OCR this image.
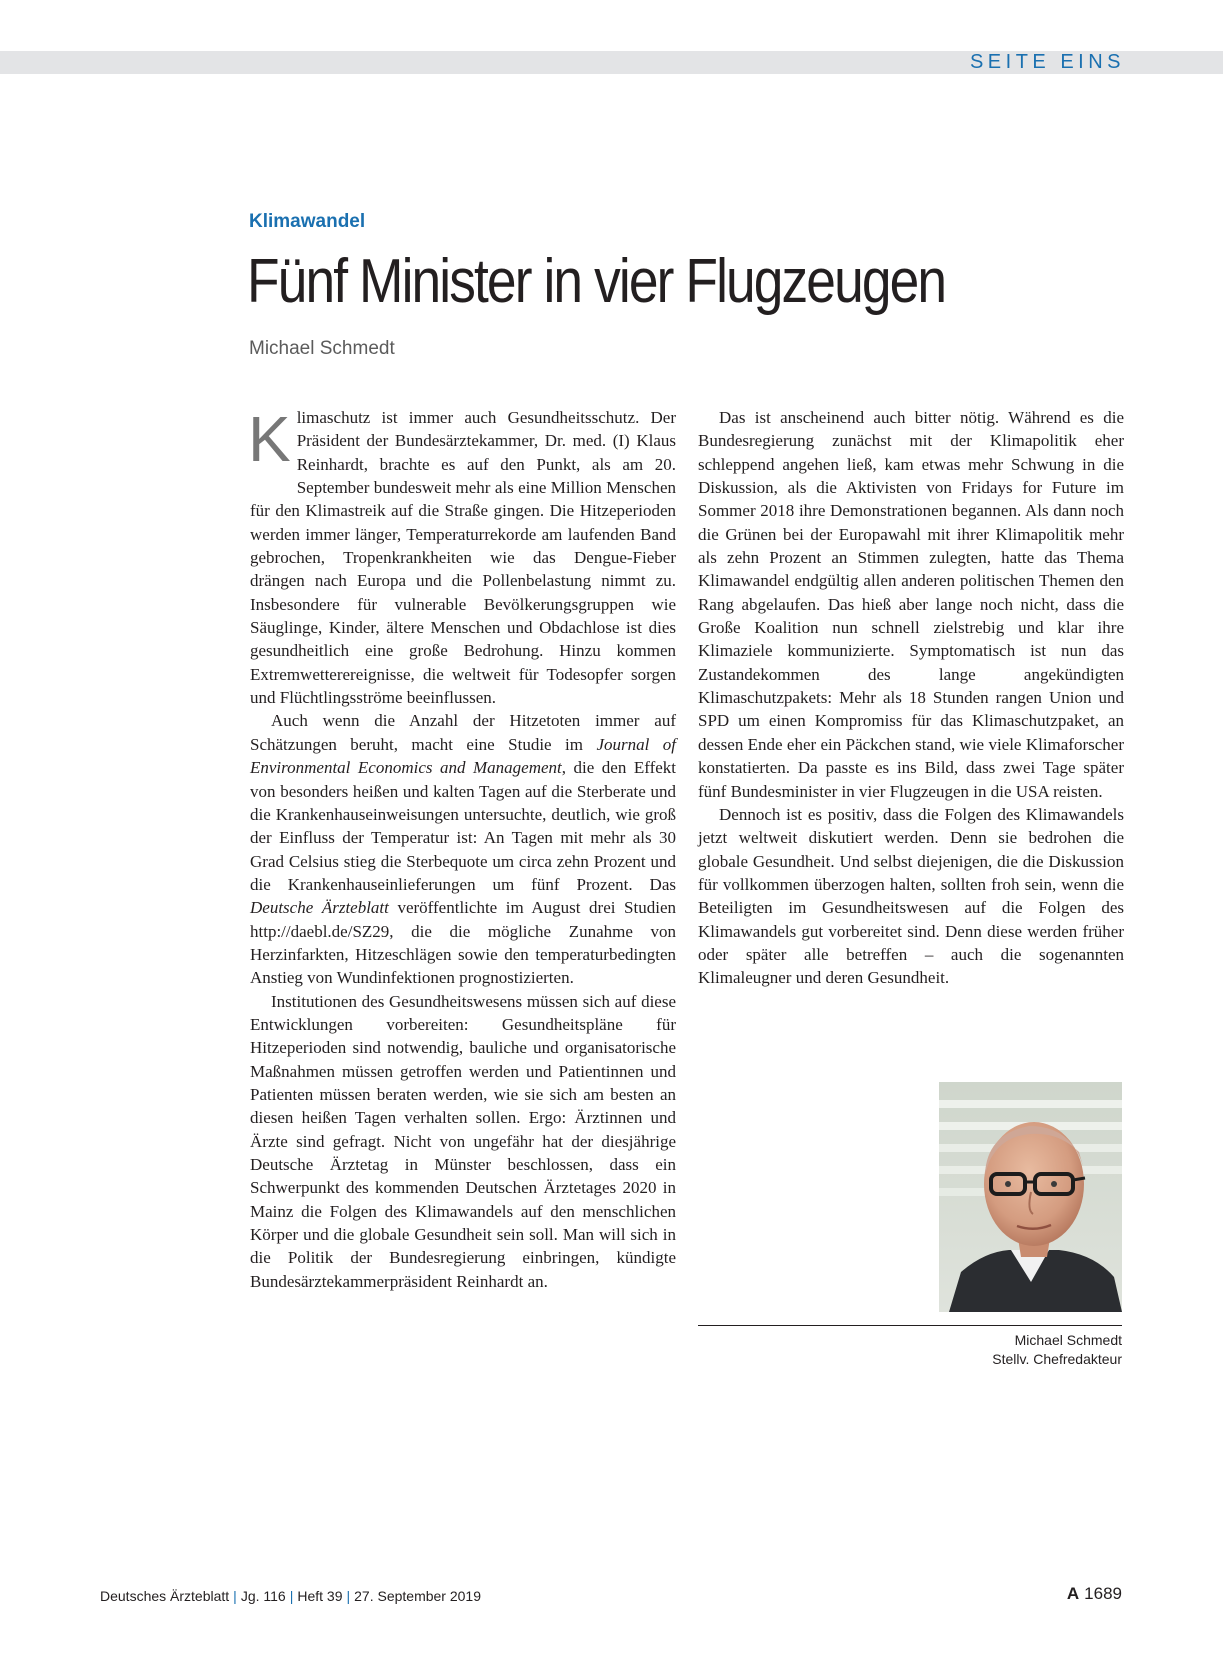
SEITE EINS
Klimawandel
Fünf Minister in vier Flugzeugen
Michael Schmedt

Klimaschutz ist immer auch Gesundheitsschutz. Der Präsident der Bundesärztekammer, Dr. med. (I) Klaus Reinhardt, brachte es auf den Punkt, als am 20. September bundesweit mehr als eine Million Menschen für den Klimastreik auf die Straße gingen. Die Hitzeperioden werden immer länger, Temperaturrekorde am laufenden Band gebrochen, Tropenkrankheiten wie das Dengue-Fieber drängen nach Europa und die Pollenbelastung nimmt zu. Insbesondere für vulnerable Bevölkerungsgruppen wie Säuglinge, Kinder, ältere Menschen und Obdachlose ist dies gesundheitlich eine große Bedrohung. Hinzu kommen Extremwetterereignisse, die weltweit für Todesopfer sorgen und Flüchtlingsströme beeinflussen.

Auch wenn die Anzahl der Hitzetoten immer auf Schätzungen beruht, macht eine Studie im Journal of Environmental Economics and Management, die den Effekt von besonders heißen und kalten Tagen auf die Sterberate und die Krankenhauseinweisungen untersuchte, deutlich, wie groß der Einfluss der Temperatur ist: An Tagen mit mehr als 30 Grad Celsius stieg die Sterbequote um circa zehn Prozent und die Krankenhauseinlieferungen um fünf Prozent. Das Deutsche Ärzteblatt veröffentlichte im August drei Studien http://daebl.de/SZ29, die die mögliche Zunahme von Herzinfarkten, Hitzeschlägen sowie den temperaturbedingten Anstieg von Wundinfektionen prognostizierten.

Institutionen des Gesundheitswesens müssen sich auf diese Entwicklungen vorbereiten: Gesundheitspläne für Hitzeperioden sind notwendig, bauliche und organisatorische Maßnahmen müssen getroffen werden und Patientinnen und Patienten müssen beraten werden, wie sie sich am besten an diesen heißen Tagen verhalten sollen. Ergo: Ärztinnen und Ärzte sind gefragt. Nicht von ungefähr hat der diesjährige Deutsche Ärztetag in Münster beschlossen, dass ein Schwerpunkt des kommenden Deutschen Ärztetages 2020 in Mainz die Folgen des Klimawandels auf den menschlichen Körper und die globale Gesundheit sein soll. Man will sich in die Politik der Bundesregierung einbringen, kündigte Bundesärztekammerpräsident Reinhardt an.

Das ist anscheinend auch bitter nötig. Während es die Bundesregierung zunächst mit der Klimapolitik eher schleppend angehen ließ, kam etwas mehr Schwung in die Diskussion, als die Aktivisten von Fridays for Future im Sommer 2018 ihre Demonstrationen begannen. Als dann noch die Grünen bei der Europawahl mit ihrer Klimapolitik mehr als zehn Prozent an Stimmen zulegten, hatte das Thema Klimawandel endgültig allen anderen politischen Themen den Rang abgelaufen. Das hieß aber lange noch nicht, dass die Große Koalition nun schnell zielstrebig und klar ihre Klimaziele kommunizierte. Symptomatisch ist nun das Zustandekommen des lange angekündigten Klimaschutzpakets: Mehr als 18 Stunden rangen Union und SPD um einen Kompromiss für das Klimaschutzpaket, an dessen Ende eher ein Päckchen stand, wie viele Klimaforscher konstatierten. Da passte es ins Bild, dass zwei Tage später fünf Bundesminister in vier Flugzeugen in die USA reisten.

Dennoch ist es positiv, dass die Folgen des Klimawandels jetzt weltweit diskutiert werden. Denn sie bedrohen die globale Gesundheit. Und selbst diejenigen, die die Diskussion für vollkommen überzogen halten, sollten froh sein, wenn die Beteiligten im Gesundheitswesen auf die Folgen des Klimawandels gut vorbereitet sind. Denn diese werden früher oder später alle betreffen – auch die sogenannten Klimaleugner und deren Gesundheit.

Michael Schmedt
Stellv. Chefredakteur
Deutsches Ärzteblatt | Jg. 116 | Heft 39 | 27. September 2019	A 1689
